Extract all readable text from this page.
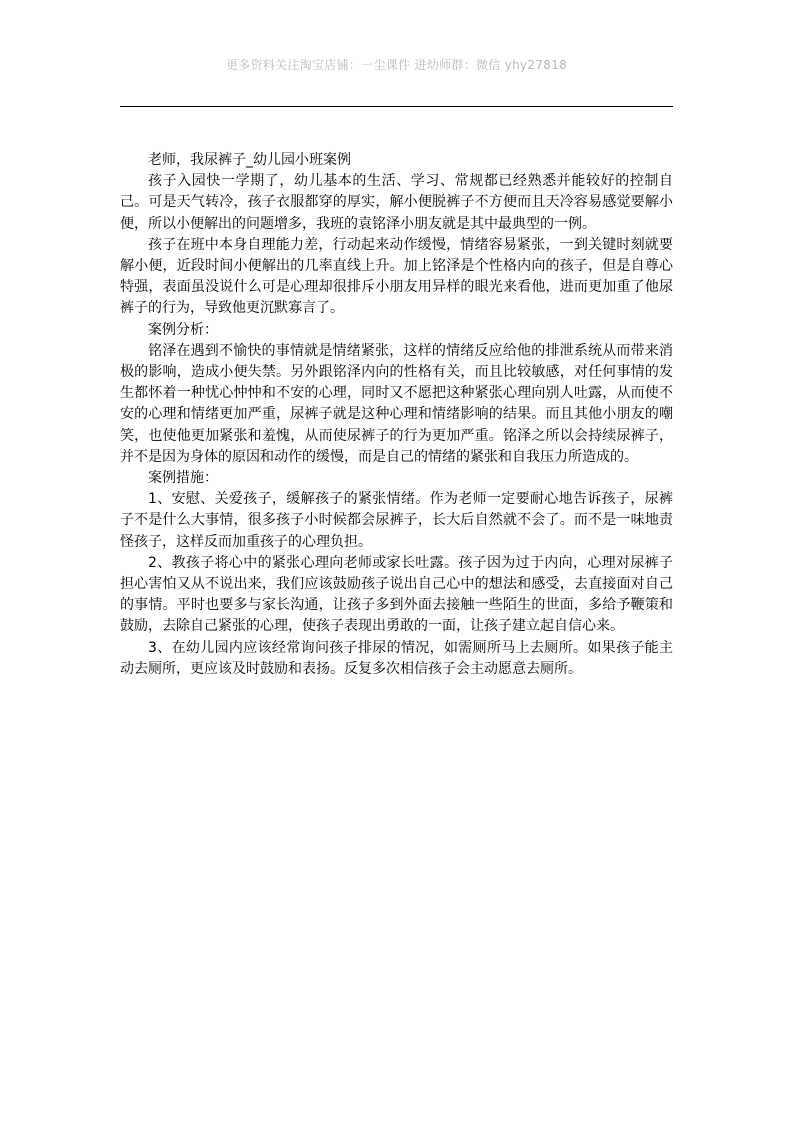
更多资料关注淘宝店铺：一尘课件 进幼师群：微信 yhy27818

老师，我尿裤子_幼儿园小班案例

孩子入园快一学期了，幼儿基本的生活、学习、常规都已经熟悉并能较好的控制自己。可是天气转冷，孩子衣服都穿的厚实，解小便脱裤子不方便而且天冷容易感觉要解小便，所以小便解出的问题增多，我班的袁铭泽小朋友就是其中最典型的一例。

孩子在班中本身自理能力差，行动起来动作缓慢，情绪容易紧张，一到关键时刻就要解小便，近段时间小便解出的几率直线上升。加上铭泽是个性格内向的孩子，但是自尊心特强，表面虽没说什么可是心理却很排斥小朋友用异样的眼光来看他，进而更加重了他尿裤子的行为，导致他更沉默寡言了。

案例分析：

铭泽在遇到不愉快的事情就是情绪紧张，这样的情绪反应给他的排泄系统从而带来消极的影响，造成小便失禁。另外跟铭泽内向的性格有关，而且比较敏感，对任何事情的发生都怀着一种忧心忡忡和不安的心理，同时又不愿把这种紧张心理向别人吐露，从而使不安的心理和情绪更加严重，尿裤子就是这种心理和情绪影响的结果。而且其他小朋友的嘲笑，也使他更加紧张和羞愧，从而使尿裤子的行为更加严重。铭泽之所以会持续尿裤子，并不是因为身体的原因和动作的缓慢，而是自己的情绪的紧张和自我压力所造成的。

案例措施：

1、安慰、关爱孩子，缓解孩子的紧张情绪。作为老师一定要耐心地告诉孩子，尿裤子不是什么大事情，很多孩子小时候都会尿裤子，长大后自然就不会了。而不是一味地责怪孩子，这样反而加重孩子的心理负担。

2、教孩子将心中的紧张心理向老师或家长吐露。孩子因为过于内向，心理对尿裤子担心害怕又从不说出来，我们应该鼓励孩子说出自己心中的想法和感受，去直接面对自己的事情。平时也要多与家长沟通，让孩子多到外面去接触一些陌生的世面，多给予鞭策和鼓励，去除自己紧张的心理，使孩子表现出勇敢的一面，让孩子建立起自信心来。

3、在幼儿园内应该经常询问孩子排尿的情况，如需厕所马上去厕所。如果孩子能主动去厕所，更应该及时鼓励和表扬。反复多次相信孩子会主动愿意去厕所。
